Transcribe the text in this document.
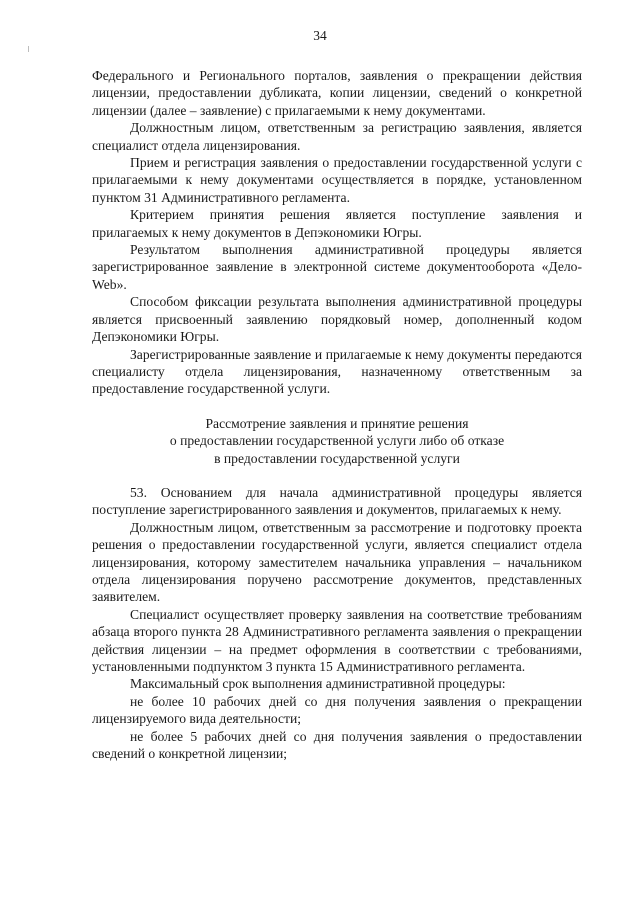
34

Федерального и Регионального порталов, заявления о прекращении действия лицензии, предоставлении дубликата, копии лицензии, сведений о конкретной лицензии (далее – заявление) с прилагаемыми к нему документами.

Должностным лицом, ответственным за регистрацию заявления, является специалист отдела лицензирования.

Прием и регистрация заявления о предоставлении государственной услуги с прилагаемыми к нему документами осуществляется в порядке, установленном пунктом 31 Административного регламента.

Критерием принятия решения является поступление заявления и прилагаемых к нему документов в Депэкономики Югры.

Результатом выполнения административной процедуры является зарегистрированное заявление в электронной системе документооборота «Дело-Web».

Способом фиксации результата выполнения административной процедуры является присвоенный заявлению порядковый номер, дополненный кодом Депэкономики Югры.

Зарегистрированные заявление и прилагаемые к нему документы передаются специалисту отдела лицензирования, назначенному ответственным за предоставление государственной услуги.

Рассмотрение заявления и принятие решения
о предоставлении государственной услуги либо об отказе
в предоставлении государственной услуги

53. Основанием для начала административной процедуры является поступление зарегистрированного заявления и документов, прилагаемых к нему.

Должностным лицом, ответственным за рассмотрение и подготовку проекта решения о предоставлении государственной услуги, является специалист отдела лицензирования, которому заместителем начальника управления – начальником отдела лицензирования поручено рассмотрение документов, представленных заявителем.

Специалист осуществляет проверку заявления на соответствие требованиям абзаца второго пункта 28 Административного регламента заявления о прекращении действия лицензии – на предмет оформления в соответствии с требованиями, установленными подпунктом 3 пункта 15 Административного регламента.

Максимальный срок выполнения административной процедуры:

не более 10 рабочих дней со дня получения заявления о прекращении лицензируемого вида деятельности;

не более 5 рабочих дней со дня получения заявления о предоставлении сведений о конкретной лицензии;
